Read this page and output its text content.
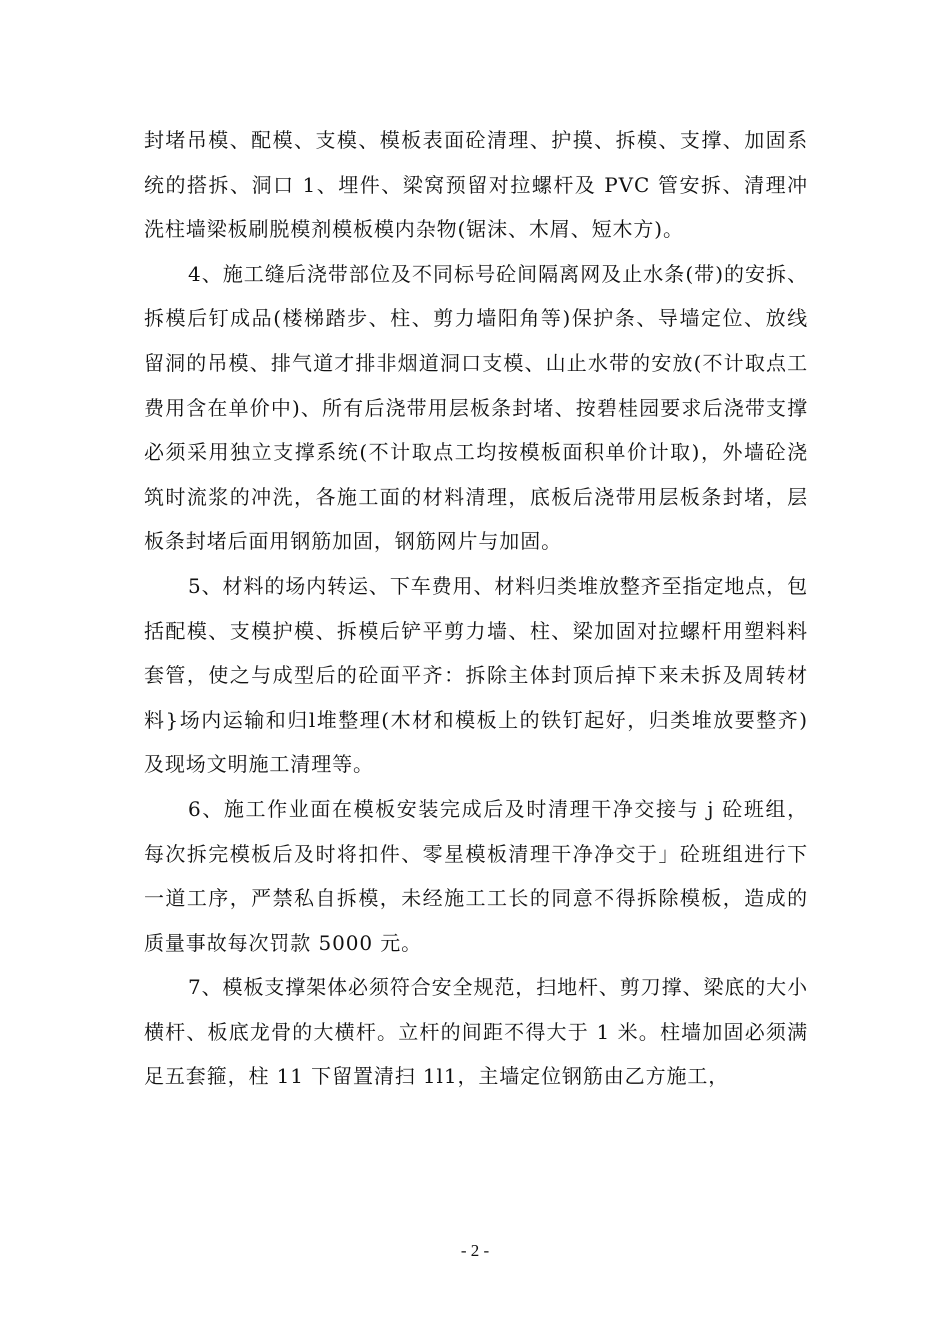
封堵吊模、配模、支模、模板表面砼清理、护摸、拆模、支撑、加固系统的搭拆、洞口 1、埋件、梁窝预留对拉螺杆及 PVC 管安拆、清理冲洗柱墙梁板刷脱模剂模板模内杂物(锯沫、木屑、短木方)。

4、施工缝后浇带部位及不同标号砼间隔离网及止水条(带)的安拆、拆模后钉成品(楼梯踏步、柱、剪力墙阳角等)保护条、导墙定位、放线留洞的吊模、排气道才排非烟道洞口支模、山止水带的安放(不计取点工费用含在单价中)、所有后浇带用层板条封堵、按碧桂园要求后浇带支撑必须采用独立支撑系统(不计取点工均按模板面积单价计取)，外墙砼浇筑时流浆的冲洗，各施工面的材料清理，底板后浇带用层板条封堵，层板条封堵后面用钢筋加固，钢筋网片与加固。

5、材料的场内转运、下车费用、材料归类堆放整齐至指定地点，包括配模、支模护模、拆模后铲平剪力墙、柱、梁加固对拉螺杆用塑料料套管，使之与成型后的砼面平齐：拆除主体封顶后掉下来未拆及周转材料}场内运输和归l堆整理(木材和模板上的铁钉起好，归类堆放要整齐)及现场文明施工清理等。

6、施工作业面在模板安装完成后及时清理干净交接与 j 砼班组，每次拆完模板后及时将扣件、零星模板清理干净净交于」砼班组进行下一道工序，严禁私自拆模，未经施工工长的同意不得拆除模板，造成的质量事故每次罚款 5000 元。

7、模板支撑架体必须符合安全规范，扫地杆、剪刀撑、梁底的大小横杆、板底龙骨的大横杆。立杆的间距不得大于 1 米。柱墙加固必须满足五套箍，柱 11 下留置清扫 1l1，主墙定位钢筋由乙方施工，

- 2 -
